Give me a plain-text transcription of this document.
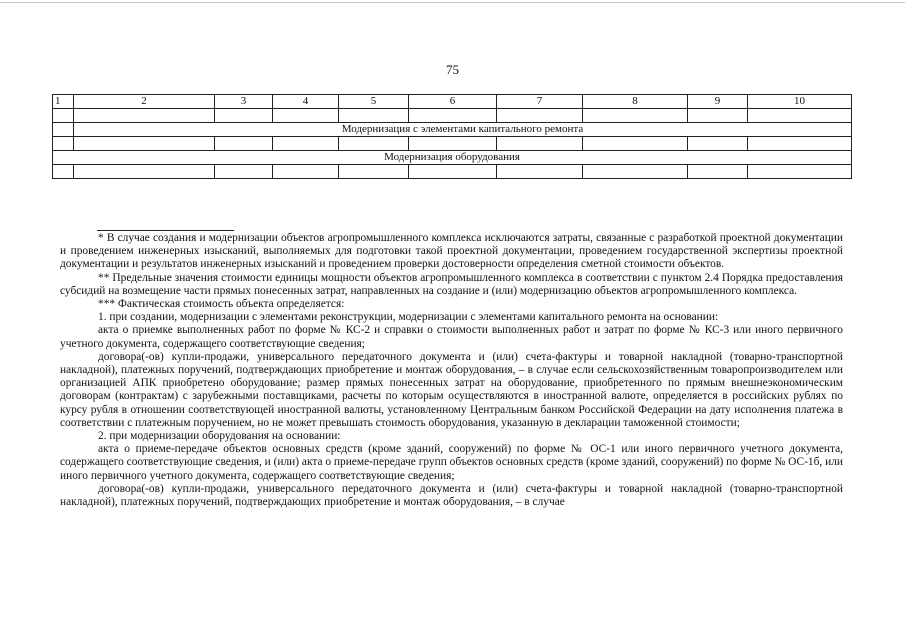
75
1	2	3	4	5	6	7	8	9	10

	Модернизация с элементами капитального ремонта								

Модернизация оборудования									

* В случае создания и модернизации объектов агропромышленного комплекса исключаются затраты, связанные с разработкой проектной документации и проведением инженерных изысканий, выполняемых для подготовки такой проектной документации, проведением государственной экспертизы проектной документации и результатов инженерных изысканий и проведением проверки достоверности определения сметной стоимости объектов.

** Предельные значения стоимости единицы мощности объектов агропромышленного комплекса в соответствии с пунктом 2.4 Порядка предоставления субсидий на возмещение части прямых понесенных затрат, направленных на создание и (или) модернизацию объектов агропромышленного комплекса.

*** Фактическая стоимость объекта определяется:

1. при создании, модернизации с элементами реконструкции, модернизации с элементами капитального ремонта на основании:

акта о приемке выполненных работ по форме № КС-2 и справки о стоимости выполненных работ и затрат по форме № КС-3 или иного первичного учетного документа, содержащего соответствующие сведения;

договора(-ов) купли-продажи, универсального передаточного документа и (или) счета-фактуры и товарной накладной (товарно-транспортной накладной), платежных поручений, подтверждающих приобретение и монтаж оборудования, – в случае если сельскохозяйственным товаропроизводителем или организацией АПК приобретено оборудование; размер прямых понесенных затрат на оборудование, приобретенного по прямым внешнеэкономическим договорам (контрактам) с зарубежными поставщиками, расчеты по которым осуществляются в иностранной валюте, определяется в российских рублях по курсу рубля в отношении соответствующей иностранной валюты, установленному Центральным банком Российской Федерации на дату исполнения платежа в соответствии с платежным поручением, но не может превышать стоимость оборудования, указанную в декларации таможенной стоимости;

2. при модернизации оборудования на основании:

акта о приеме-передаче объектов основных средств (кроме зданий, сооружений) по форме № ОС-1 или иного первичного учетного документа, содержащего соответствующие сведения, и (или) акта о приеме-передаче групп объектов основных средств (кроме зданий, сооружений) по форме № ОС-1б, или иного первичного учетного документа, содержащего соответствующие сведения;

договора(-ов) купли-продажи, универсального передаточного документа и (или) счета-фактуры и товарной накладной (товарно-транспортной накладной), платежных поручений, подтверждающих приобретение и монтаж оборудования, – в случае
